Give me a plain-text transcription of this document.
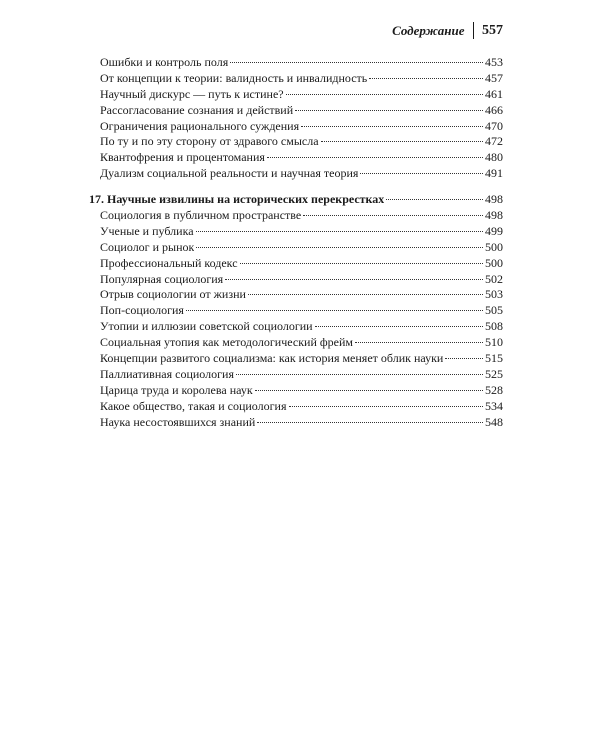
Содержание 557
Ошибки и контроль поля	453
От концепции к теории: валидность и инвалидность	457
Научный дискурс — путь к истине?	461
Рассогласование сознания и действий	466
Ограничения рационального суждения	470
По ту и по эту сторону от здравого смысла	472
Квантофрения и процентомания	480
Дуализм социальной реальности и научная теория	491
17. Научные извилины на исторических перекрестках	498
Социология в публичном пространстве	498
Ученые и публика	499
Социолог и рынок	500
Профессиональный кодекс	500
Популярная социология	502
Отрыв социологии от жизни	503
Поп-социология	505
Утопии и иллюзии советской социологии	508
Социальная утопия как методологический фрейм	510
Концепции развитого социализма: как история меняет облик науки	515
Паллиативная социология	525
Царица труда и королева наук	528
Какое общество, такая и социология	534
Наука несостоявшихся знаний	548
